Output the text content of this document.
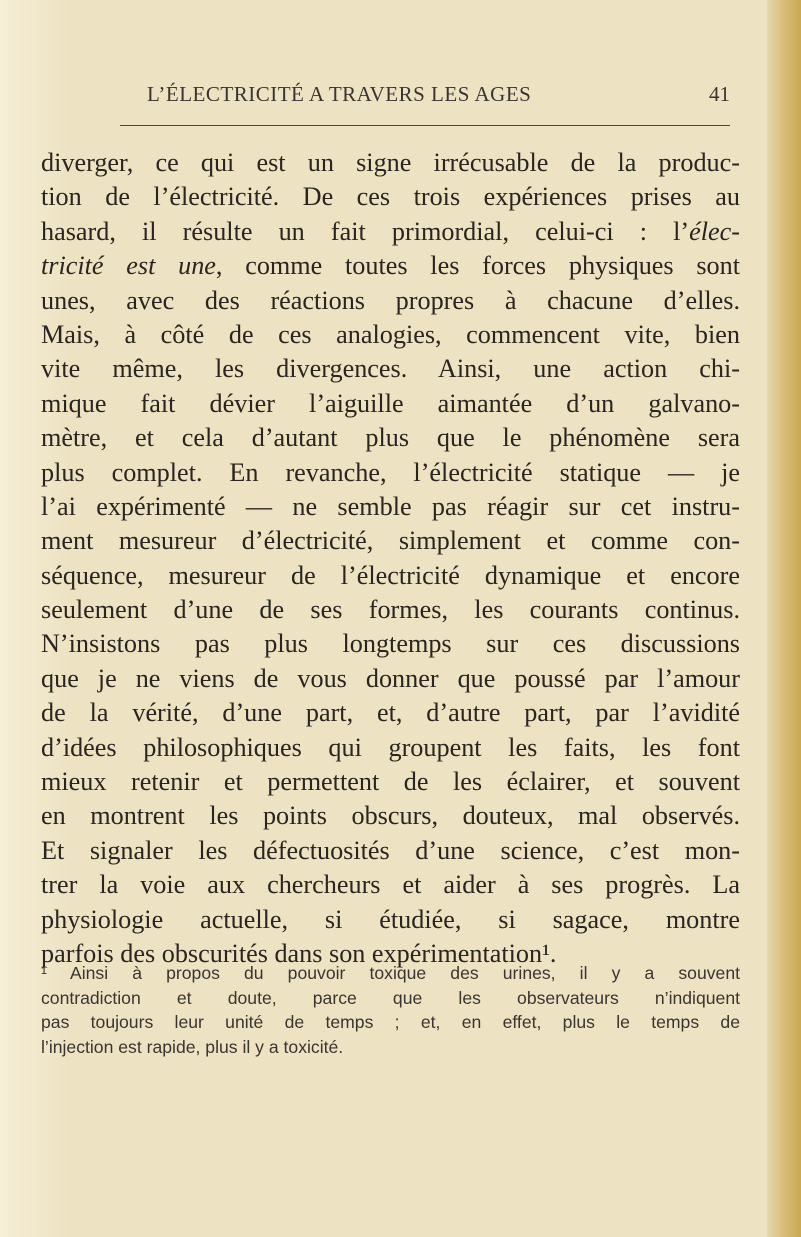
L’ÉLECTRICITÉ A TRAVERS LES AGES	41
diverger, ce qui est un signe irrécusable de la produc-
tion de l’électricité. De ces trois expériences prises au
hasard, il résulte un fait primordial, celui-ci : l’élec-
tricité est une, comme toutes les forces physiques sont
unes, avec des réactions propres à chacune d’elles.
Mais, à côté de ces analogies, commencent vite, bien
vite même, les divergences. Ainsi, une action chi-
mique fait dévier l’aiguille aimantée d’un galvano-
mètre, et cela d’autant plus que le phénomène sera
plus complet. En revanche, l’électricité statique — je
l’ai expérimenté — ne semble pas réagir sur cet instru-
ment mesureur d’électricité, simplement et comme con-
séquence, mesureur de l’électricité dynamique et encore
seulement d’une de ses formes, les courants continus.
N’insistons pas plus longtemps sur ces discussions
que je ne viens de vous donner que poussé par l’amour
de la vérité, d’une part, et, d’autre part, par l’avidité
d’idées philosophiques qui groupent les faits, les font
mieux retenir et permettent de les éclairer, et souvent
en montrent les points obscurs, douteux, mal observés.
Et signaler les défectuosités d’une science, c’est mon-
trer la voie aux chercheurs et aider à ses progrès. La
physiologie actuelle, si étudiée, si sagace, montre
parfois des obscurités dans son expérimentation¹.
¹ Ainsi à propos du pouvoir toxique des urines, il y a souvent
contradiction et doute, parce que les observateurs n’indiquent
pas toujours leur unité de temps ; et, en effet, plus le temps de
l’injection est rapide, plus il y a toxicité.
